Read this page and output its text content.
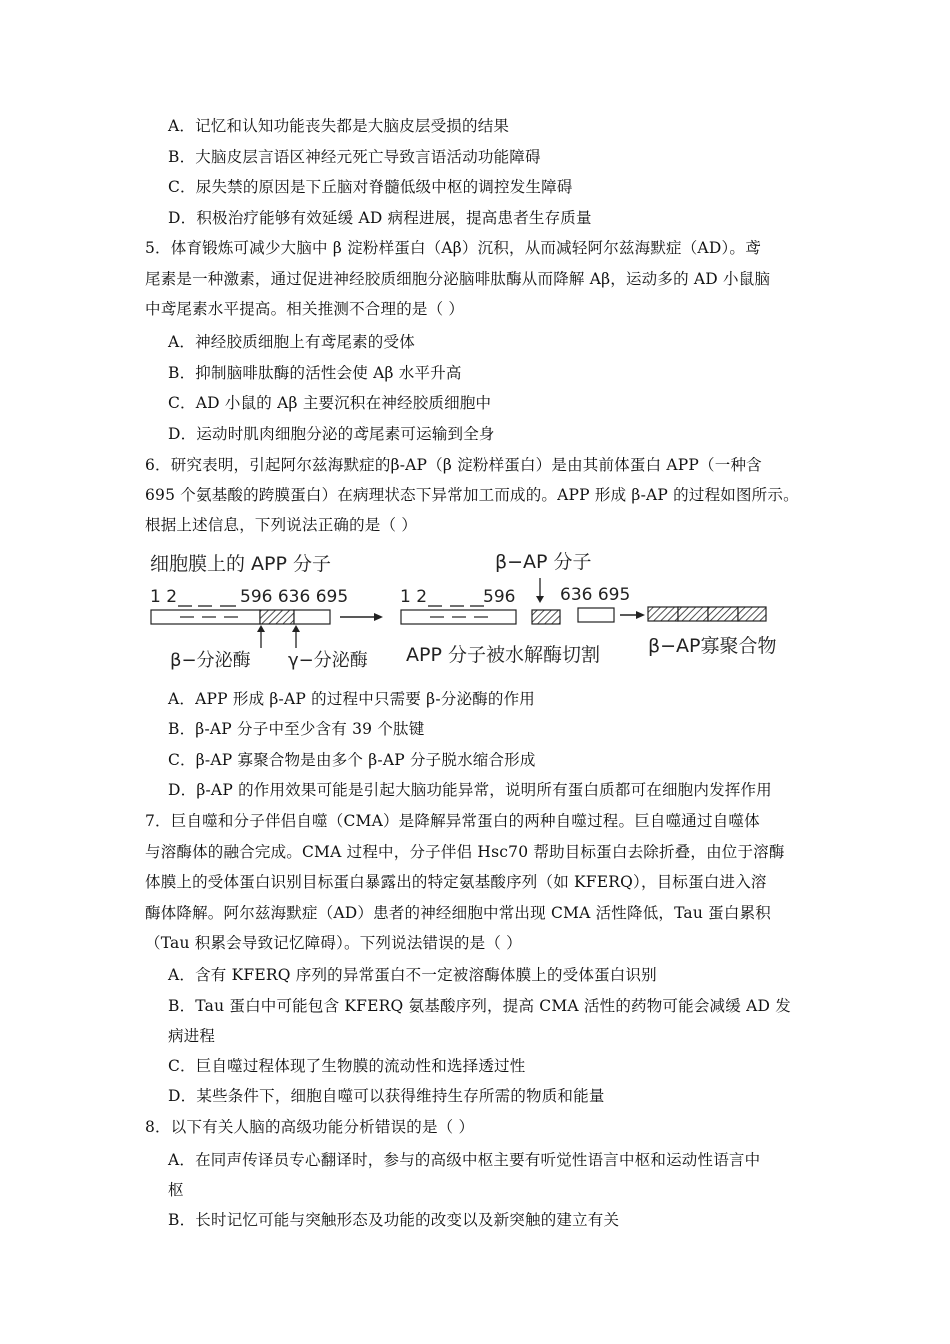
A．记忆和认知功能丧失都是大脑皮层受损的结果
B．大脑皮层言语区神经元死亡导致言语活动功能障碍
C．尿失禁的原因是下丘脑对脊髓低级中枢的调控发生障碍
D．积极治疗能够有效延缓 AD 病程进展，提高患者生存质量
5．体育锻炼可减少大脑中 β 淀粉样蛋白（Aβ）沉积，从而减轻阿尔兹海默症（AD）。鸢
尾素是一种激素，通过促进神经胶质细胞分泌脑啡肽酶从而降解 Aβ，运动多的 AD 小鼠脑
中鸢尾素水平提高。相关推测不合理的是（ ）
A．神经胶质细胞上有鸢尾素的受体
B．抑制脑啡肽酶的活性会使 Aβ 水平升高
C．AD 小鼠的 Aβ 主要沉积在神经胶质细胞中
D．运动时肌肉细胞分泌的鸢尾素可运输到全身
6．研究表明，引起阿尔兹海默症的β-AP（β 淀粉样蛋白）是由其前体蛋白 APP（一种含
695 个氨基酸的跨膜蛋白）在病理状态下异常加工而成的。APP 形成 β-AP 的过程如图所示。
根据上述信息，下列说法正确的是（ ）
细胞膜上的 APP 分子
1 2	596 636 695
β−分泌酶 γ−分泌酶
β−AP 分子
1 2	596	636 695
APP 分子被水解酶切割	β−AP寡聚合物
A．APP 形成 β-AP 的过程中只需要 β-分泌酶的作用
B．β-AP 分子中至少含有 39 个肽键
C．β-AP 寡聚合物是由多个 β-AP 分子脱水缩合形成
D．β-AP 的作用效果可能是引起大脑功能异常，说明所有蛋白质都可在细胞内发挥作用
7．巨自噬和分子伴侣自噬（CMA）是降解异常蛋白的两种自噬过程。巨自噬通过自噬体
与溶酶体的融合完成。CMA 过程中，分子伴侣 Hsc70 帮助目标蛋白去除折叠，由位于溶酶
体膜上的受体蛋白识别目标蛋白暴露出的特定氨基酸序列（如 KFERQ），目标蛋白进入溶
酶体降解。阿尔兹海默症（AD）患者的神经细胞中常出现 CMA 活性降低，Tau 蛋白累积
（Tau 积累会导致记忆障碍）。下列说法错误的是（ ）
A．含有 KFERQ 序列的异常蛋白不一定被溶酶体膜上的受体蛋白识别
B．Tau 蛋白中可能包含 KFERQ 氨基酸序列，提高 CMA 活性的药物可能会减缓 AD 发
病进程
C．巨自噬过程体现了生物膜的流动性和选择透过性
D．某些条件下，细胞自噬可以获得维持生存所需的物质和能量
8．以下有关人脑的高级功能分析错误的是（ ）
A．在同声传译员专心翻译时，参与的高级中枢主要有听觉性语言中枢和运动性语言中
枢
B．长时记忆可能与突触形态及功能的改变以及新突触的建立有关
